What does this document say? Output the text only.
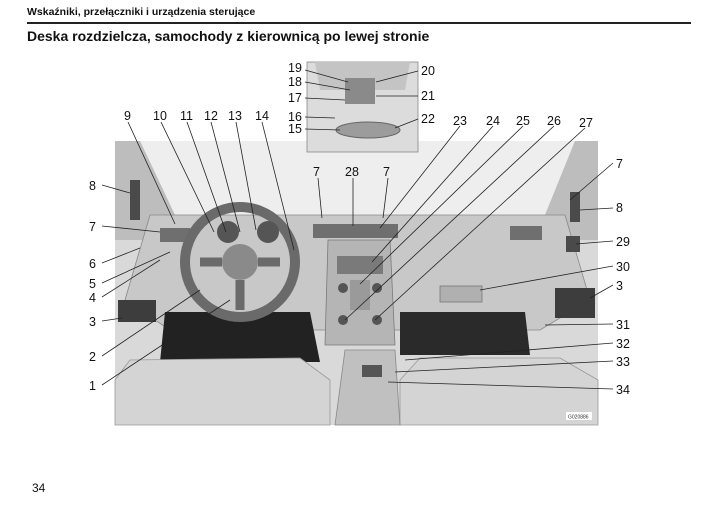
Wskaźniki, przełączniki i urządzenia sterujące
Deska rozdzielcza, samochody z kierownicą po lewej stronie
G020886
1
2
3
4
5
6
7
8
9 10 11 12 13 14
15
16
17
18
19	20
21
22 23 24 25 26 27
28
29
30
31
32
33
34
3
7	7
7
8
34
